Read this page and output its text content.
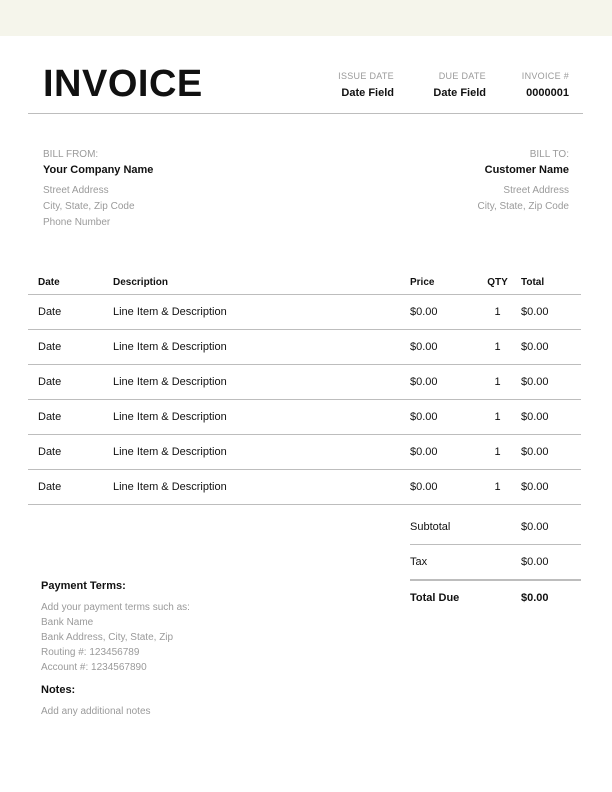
INVOICE	ISSUE DATE
Date Field
DUE DATE
Date Field
INVOICE #
0000001
BILL FROM:
Your Company Name
Street Address
City, State, Zip Code
Phone Number
BILL TO:
Customer Name
Street Address
City, State, Zip Code
Date	Description	Price	QTY	Total
Date	Line Item & Description	$0.00	1	$0.00
Date	Line Item & Description	$0.00	1	$0.00
Date	Line Item & Description	$0.00	1	$0.00
Date	Line Item & Description	$0.00	1	$0.00
Date	Line Item & Description	$0.00	1	$0.00
Date	Line Item & Description	$0.00	1	$0.00
Subtotal	$0.00
Tax	$0.00
Total Due	$0.00
Payment Terms:
Add your payment terms such as:
Bank Name
Bank Address, City, State, Zip
Routing #: 123456789
Account #: 1234567890
Notes:
Add any additional notes
